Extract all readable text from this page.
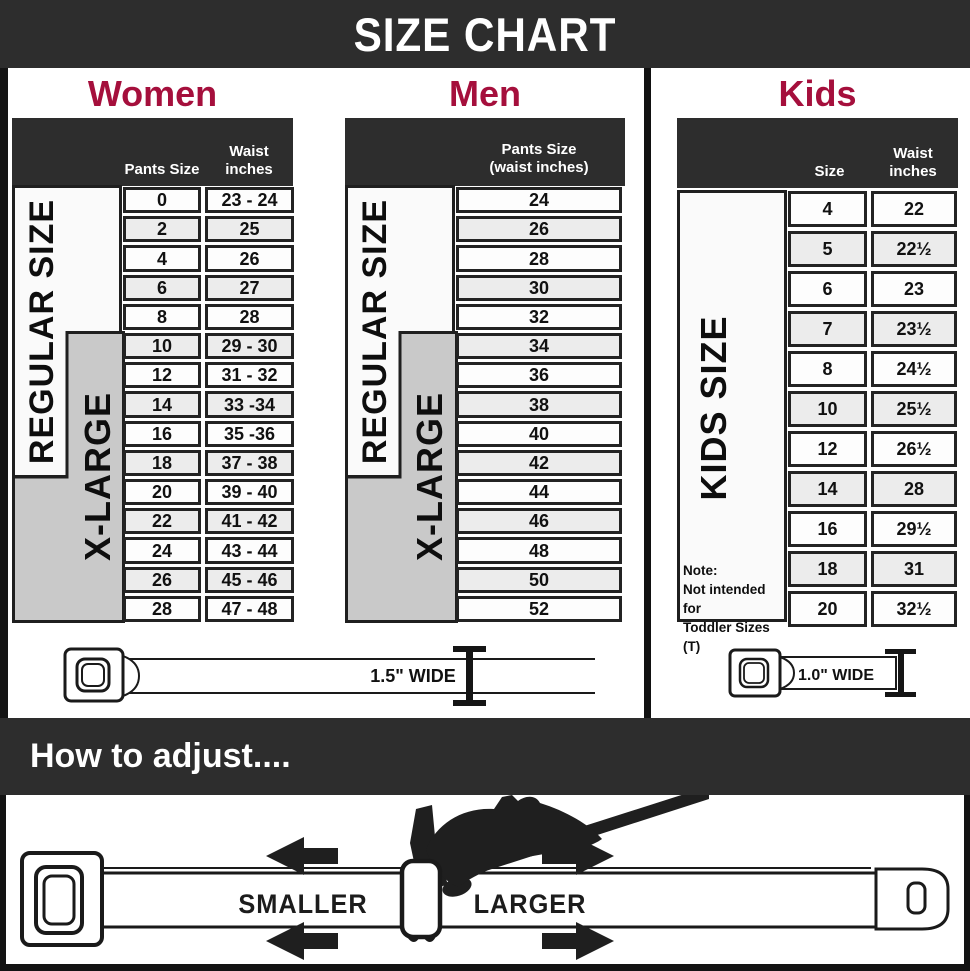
SIZE CHART
Women	Men	Kids
Pants Size
Waist
inches
REGULAR SIZE
X-LARGE
0	23 - 24
2	25
4	26
6	27
8	28
10	29 - 30
12	31 - 32
14	33 -34
16	35 -36
18	37 - 38
20	39 - 40
22	41 - 42
24	43 - 44
26	45 - 46
28	47 - 48
Pants Size
(waist inches)
REGULAR SIZE
X-LARGE
24
26
28
30
32
34
36
38
40
42
44
46
48
50
52
Size
Waist
inches
KIDS SIZE
Note:
Not intended for
Toddler Sizes (T)
4	22
5	22½
6	23
7	23½
8	24½
10	25½
12	26½
14	28
16	29½
18	31
20	32½
1.5" WIDE	1.0" WIDE
How to adjust....
SMALLER	LARGER
